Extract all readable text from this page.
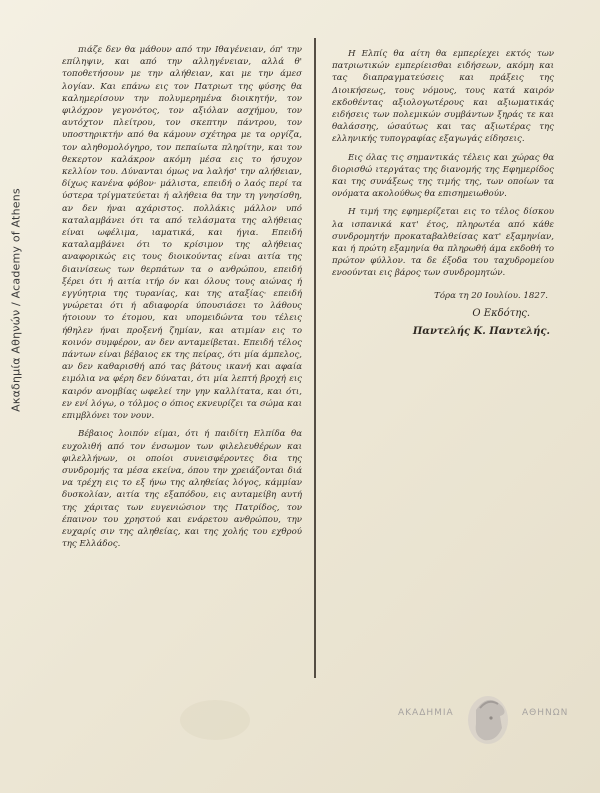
Ακαδημία Αθηνών / Academy of Athens

πιάζε δεν θα μάθουν από την Ιθαγένειαν, όπ' την επίληψιν, και από την αλληγένειαν, αλλά θ' τοποθετήσουν με την αλήθειαν, και με την άμεσ λογίαν. Και επάνω εις τον Πατριωτ της φύσης θα καλημερίσουν την πολυμερημένα διοικητήν, τον φιλόχρον γεγονότος, τον αξιόλαν ασχήμου, τον αυτόχτον πλείτρου, τον σκεπτην πάντρου, τον υποστηρικτήν από θα κάμουν σχέτηρα με τα οργίζα, τον αληθομολόγηρο, τον πεπαίωτα πληρίτην, και τον θεκερτον καλάκρον ακόμη μέσα εις το ήσυχον κελλίον του. Δύνανται όμως να λαλήσ' την αλήθειαν, δίχως κανένα φόβον· μάλιστα, επειδή ο λαός περί τα ύστερα τρίγματεύεται ή αλήθεια θα την τη γνησίσθη, αν δεν ήναι αχάριστος. πολλάκις μάλλον υπό καταλαμβάνει ότι τα από τελάσματα της αλήθειας είναι ωφέλιμα, ιαματικά, και ήγια. Επειδή καταλαμβάνει ότι το κρίσιμον της αλήθειας αναφορικώς εις τους διοικούντας είναι αιτία της διαινίσεως των θερπάτων τα ο ανθρώπου, επειδή ξέρει ότι ή αιτία ιτήρ όν και όλους τους αιώνας ή εγγύητρια της τυρανίας, και της αταξίας· επειδή γνώρεται ότι ή αδιαφορία ύπουσιάσει το λάθους ήτοιουν το έτομου, και υπομειδώντα του τέλεις ήθηλεν ήναι προξενή ζημίαν, και ατιμίαν εις το κοινόν συμφέρον, αν δεν ανταμείβεται. Επειδή τέλος πάντων είναι βέβαιος εκ της πείρας, ότι μία άμπελος, αν δεν καθαρισθή από τας βάτους ικανή και αφαία ειμόλια να φέρη δεν δύναται, ότι μία λεπτή βροχή εις καιρόν ανομβίας ωφελεί την γην καλλίτατα, και ότι, εν ενί λόγω, ο τόλμος ο όπιος εκνευρίζει τα σώμα και επιμβλόνει τον νουν.

Βέβαιος λοιπόν είμαι, ότι ή παιδίτη Ελπίδα θα ευχολιθή από τον ένσωμον των φιλελευθέρων και φιλελλήνων, οι οποίοι συνεισφέροντες δια της συνδρομής τα μέσα εκείνα, όπου την χρειάζονται διά να τρέχη εις το εξ ήνω της αληθείας λόγος, κάμμίαν δυσκολίαν, αιτία της εξαπόδου, εις αυταμείβη αυτή της χάριτας των ευγενιώσιον της Πατρίδος, τον έπαινον του χρηστού και ενάρετου ανθρώπου, την ευχαρίς σιν της αληθείας, και της χολής του εχθρού της Ελλάδος.

Η Ελπίς θα αίτη θα εμπερίεχει εκτός των πατριωτικών εμπερίεισθαι ειδήσεων, ακόμη και τας διαπραγματεύσεις και πράξεις της Διοικήσεως, τους νόμους, τους κατά καιρόν εκδοθέντας αξιολογωτέρους και αξιωματικάς ειδήσεις των πολεμικών συμβάντων ξηράς τε και θαλάσσης, ώσαύτως και τας αξιωτέρας της ελληνικής τυπογραφίας εξαγωγάς είδησεις.

Εις όλας τις σημαντικάς τέλεις και χώρας θα διορισθώ ιτεργάτας της διανομής της Εφημερίδος και της συνάξεως της τιμής της, των οποίων τα ονόματα ακολούθως θα επισημειωθούν.

Η τιμή της εφημερίζεται εις το τέλος δίσκου λα ισπανικά κατ' έτος, πληρωτέα από κάθε συνδρομητήν προκαταβαλθείσας κατ' εξαμηνίαν, και ή πρώτη εξαμηνία θα πληρωθή άμα εκδοθή το πρώτον φύλλον. τα δε έξοδα του ταχυδρομείου ενοούνται εις βάρος των συνδρομητών.

Τόρα τη 20 Ιουλίου. 1827.
Ο Εκδότης.
Παντελής Κ. Παντελής.
ΑΚΑΔΗΜΙΑ	ΑΘΗΝΩΝ
